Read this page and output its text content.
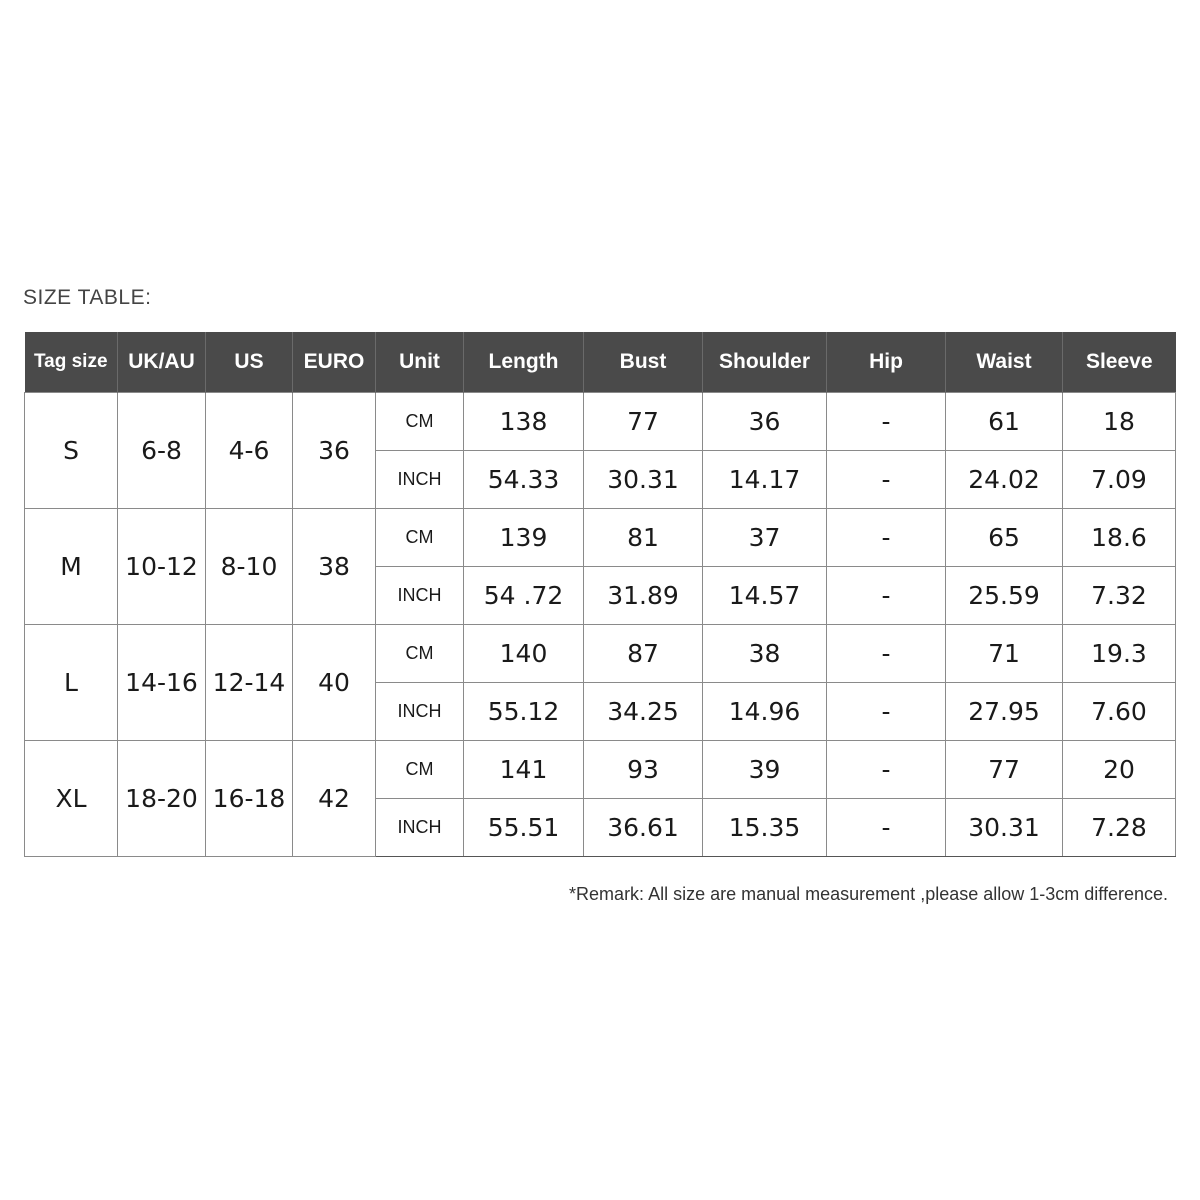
SIZE TABLE:
Tag size	UK/AU	US	EURO	Unit	Length	Bust	Shoulder	Hip	Waist	Sleeve
S	6-8	4-6	36	CM	138	77	36	-	61	18
				INCH	54.33	30.31	14.17	-	24.02	7.09
M	10-12	8-10	38	CM	139	81	37	-	65	18.6
				INCH	54 .72	31.89	14.57	-	25.59	7.32
L	14-16	12-14	40	CM	140	87	38	-	71	19.3
				INCH	55.12	34.25	14.96	-	27.95	7.60
XL	18-20	16-18	42	CM	141	93	39	-	77	20
				INCH	55.51	36.61	15.35	-	30.31	7.28
*Remark: All size are manual measurement ,please allow 1-3cm difference.
